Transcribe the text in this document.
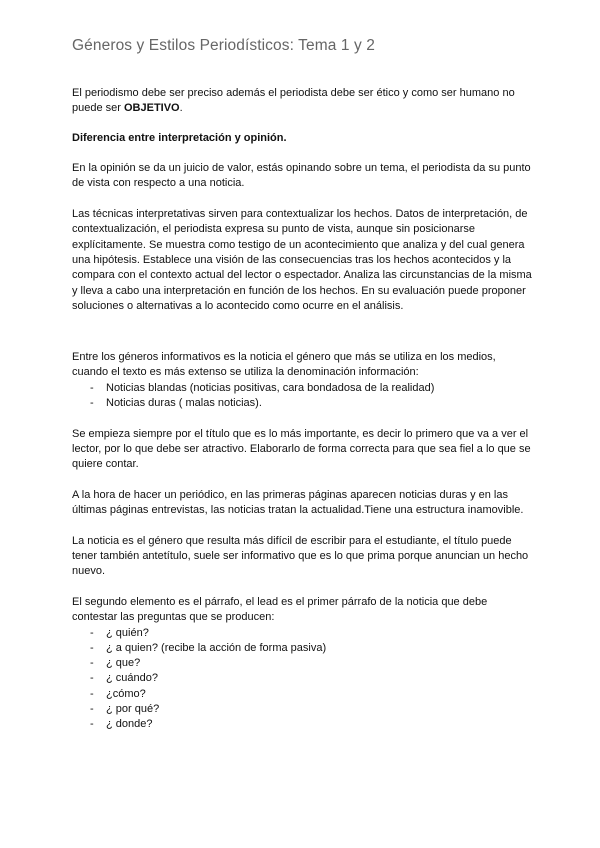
Géneros y Estilos Periodísticos: Tema 1 y 2

El periodismo debe ser preciso además el periodista debe ser ético y como ser humano no puede ser OBJETIVO.

Diferencia entre interpretación y opinión.

En la opinión se da un juicio de valor, estás opinando sobre un tema, el periodista da su punto de vista con respecto a una noticia.

Las técnicas interpretativas sirven para contextualizar los hechos. Datos de interpretación, de contextualización, el periodista expresa su punto de vista, aunque sin posicionarse explícitamente. Se muestra como testigo de un acontecimiento que analiza y del cual genera una hipótesis. Establece una visión de las consecuencias tras los hechos acontecidos y la compara con el contexto actual del lector o espectador. Analiza las circunstancias de la misma y lleva a cabo una interpretación en función de los hechos. En su evaluación puede proponer soluciones o alternativas a lo acontecido como ocurre en el análisis.

Entre los géneros informativos es la noticia el género que más se utiliza en los medios, cuando el texto es más extenso se utiliza la denominación información:

- Noticias blandas (noticias positivas, cara bondadosa de la realidad)
- Noticias duras ( malas noticias).

Se empieza siempre por el título que es lo más importante, es decir lo primero que va a ver el lector, por lo que debe ser atractivo. Elaborarlo de forma correcta para que sea fiel a lo que se quiere contar.

A la hora de hacer un periódico, en las primeras páginas aparecen noticias duras y en las últimas páginas entrevistas, las noticias tratan la actualidad.Tiene una estructura inamovible.

La noticia es el género que resulta más difícil de escribir para el estudiante, el título puede tener también antetítulo, suele ser informativo que es lo que prima porque anuncian un hecho nuevo.

El segundo elemento es el párrafo, el lead es el primer párrafo de la noticia que debe contestar las preguntas que se producen:

- ¿ quién?
- ¿ a quien? (recibe la acción de forma pasiva)
- ¿ que?
- ¿ cuándo?
- ¿cómo?
- ¿ por qué?
- ¿ donde?
